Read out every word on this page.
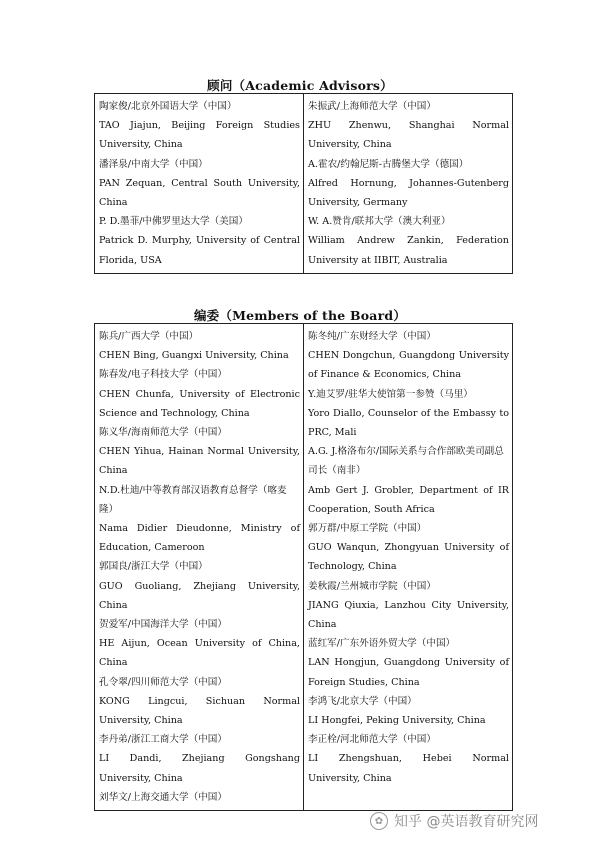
顾问（Academic Advisors）
陶家俊/北京外国语大学（中国）
TAO Jiajun, Beijing Foreign Studies University, China
潘泽泉/中南大学（中国）
PAN Zequan, Central South University, China
P. D.墨菲/中佛罗里达大学（美国）
Patrick D. Murphy, University of Central Florida, USA

朱振武/上海师范大学（中国）
ZHU Zhenwu, Shanghai Normal University, China
A.霍农/约翰尼斯-古腾堡大学（德国）
Alfred Hornung, Johannes-Gutenberg University, Germany
W. A.赞肯/联邦大学（澳大利亚）
William Andrew Zankin, Federation University at IIBIT, Australia
编委（Members of the Board）
陈兵/广西大学（中国）
CHEN Bing, Guangxi University, China
陈春发/电子科技大学（中国）
CHEN Chunfa, University of Electronic Science and Technology, China
陈义华/海南师范大学（中国）
CHEN Yihua, Hainan Normal University, China
N.D.杜迪/中等教育部汉语教育总督学（喀麦隆）
Nama Didier Dieudonne, Ministry of Education, Cameroon
郭国良/浙江大学（中国）
GUO Guoliang, Zhejiang University, China
贺爱军/中国海洋大学（中国）
HE Aijun, Ocean University of China, China
孔令翠/四川师范大学（中国）
KONG Lingcui, Sichuan Normal University, China
李丹弟/浙江工商大学（中国）
LI Dandi, Zhejiang Gongshang University, China
刘华文/上海交通大学（中国）

陈冬纯/广东财经大学（中国）
CHEN Dongchun, Guangdong University of Finance & Economics, China
Y.迪艾罗/驻华大使馆第一参赞（马里）
Yoro Diallo, Counselor of the Embassy to PRC, Mali
A.G. J.格洛布尔/国际关系与合作部欧美司副总司长（南非）
Amb Gert J. Grobler, Department of IR Cooperation, South Africa
郭万群/中原工学院（中国）
GUO Wanqun, Zhongyuan University of Technology, China
姜秋霞/兰州城市学院（中国）
JIANG Qiuxia, Lanzhou City University, China
蓝红军/广东外语外贸大学（中国）
LAN Hongjun, Guangdong University of Foreign Studies, China
李鸿飞/北京大学（中国）
LI Hongfei, Peking University, China
李正栓/河北师范大学（中国）
LI Zhengshuan, Hebei Normal University, China
✿ 知乎 @英语教育研究网
